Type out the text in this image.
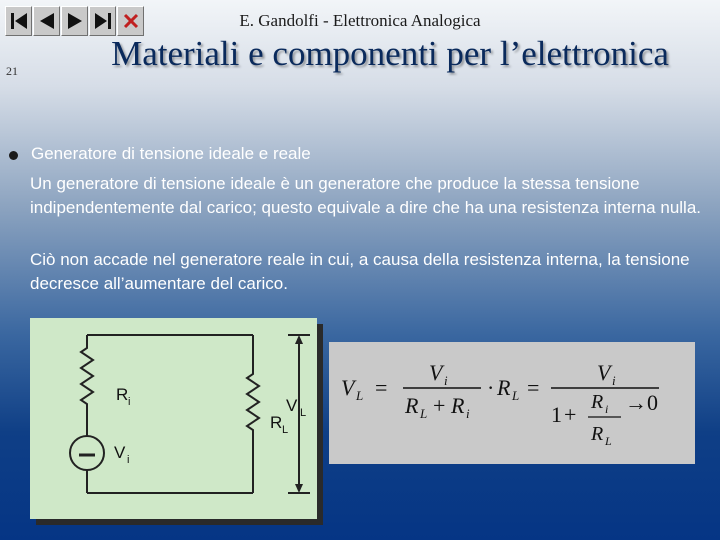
E. Gandolfi - Elettronica Analogica
21	Materiali e componenti per l’elettronica
Generatore di tensione ideale e reale
Un generatore di tensione ideale è un generatore che produce la stessa tensione indipendentemente dal carico; questo equivale a dire che ha una resistenza interna nulla.
Ciò non accade nel generatore reale in cui, a causa della resistenza interna, la tensione decresce all’aumentare del carico.
R i
V i
R L
V L
V L =
V i
R L + R i
· R L =
V i
1 + R i
R L
→ 0
